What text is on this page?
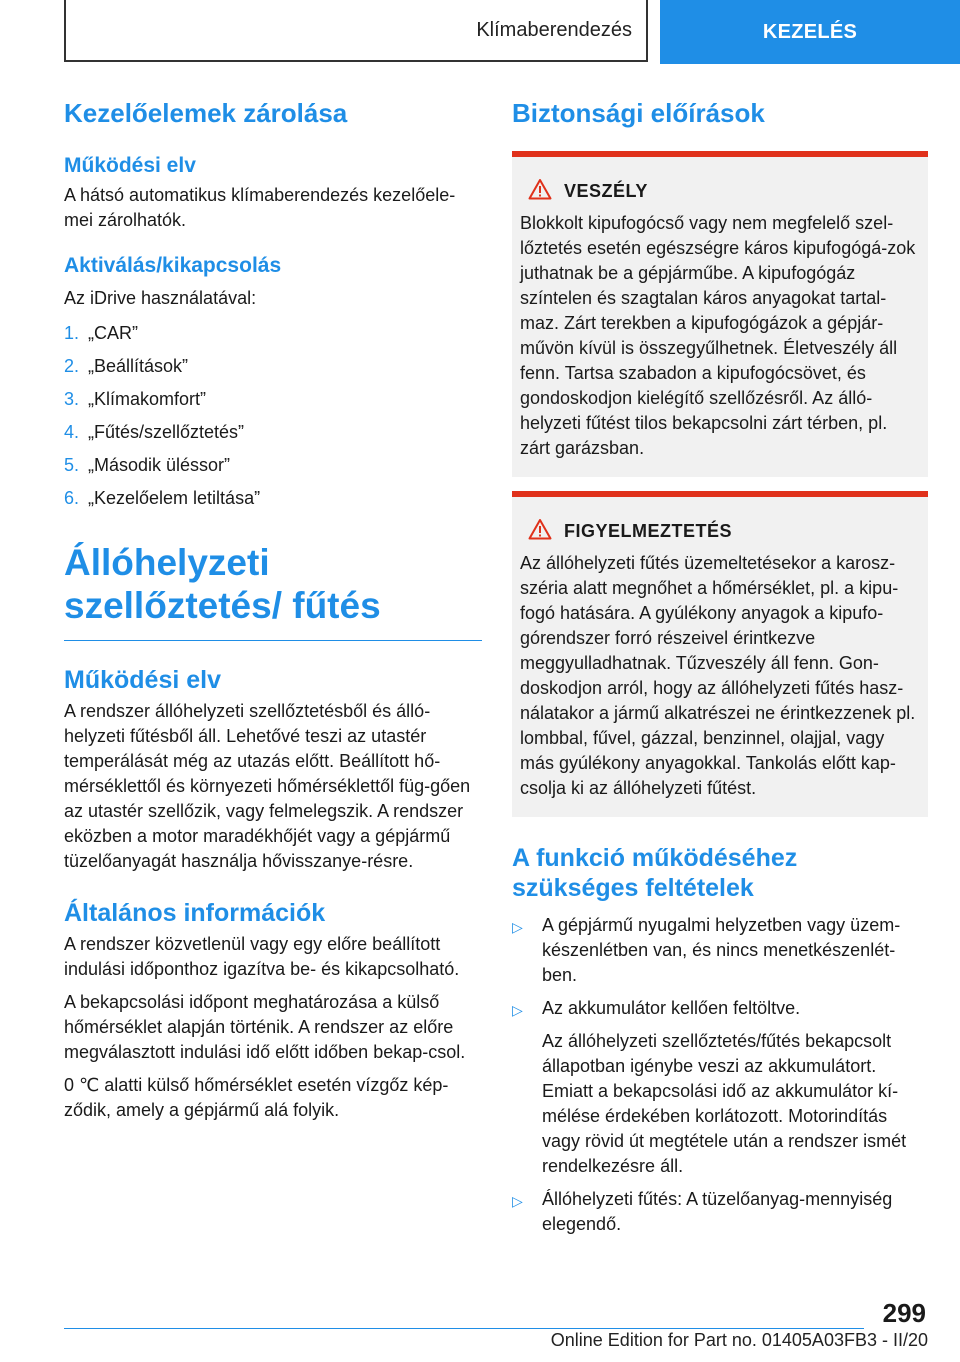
Klímaberendezés	KEZELÉS
Kezelőelemek zárolása
Működési elv

A hátsó automatikus klímaberendezés kezelőele-mei zárolhatók.

Aktiválás/kikapcsolás

Az iDrive használatával:

1. „CAR”
2. „Beállítások”
3. „Klímakomfort”
4. „Fűtés/szellőztetés”
5. „Második üléssor”
6. „Kezelőelem letiltása”
Állóhelyzeti szellőztetés/ fűtés
Működési elv

A rendszer állóhelyzeti szellőztetésből és álló-helyzeti fűtésből áll. Lehetővé teszi az utastér temperálását még az utazás előtt. Beállított hő-mérséklettől és környezeti hőmérséklettől füg-gően az utastér szellőzik, vagy felmelegszik. A rendszer eközben a motor maradékhőjét vagy a gépjármű tüzelőanyagát használja hővisszanye-résre.

Általános információk

A rendszer közvetlenül vagy egy előre beállított indulási időponthoz igazítva be- és kikapcsolható.

A bekapcsolási időpont meghatározása a külső hőmérséklet alapján történik. A rendszer az előre megválasztott indulási idő előtt időben bekap-csol.

0 ℃ alatti külső hőmérséklet esetén vízgőz kép-ződik, amely a gépjármű alá folyik.

Biztonsági előírások
VESZÉLY

Blokkolt kipufogócső vagy nem megfelelő szel-lőztetés esetén egészségre káros kipufogógá-zok juthatnak be a gépjárműbe. A kipufogógáz színtelen és szagtalan káros anyagokat tartal-maz. Zárt terekben a kipufogógázok a gépjár-művön kívül is összegyűlhetnek. Életveszély áll fenn. Tartsa szabadon a kipufogócsövet, és gondoskodjon kielégítő szellőzésről. Az álló-helyzeti fűtést tilos bekapcsolni zárt térben, pl. zárt garázsban.

FIGYELMEZTETÉS

Az állóhelyzeti fűtés üzemeltetésekor a karosz-széria alatt megnőhet a hőmérséklet, pl. a kipu-fogó hatására. A gyúlékony anyagok a kipufo-górendszer forró részeivel érintkezve meggyulladhatnak. Tűzveszély áll fenn. Gon-doskodjon arról, hogy az állóhelyzeti fűtés hasz-nálatakor a jármű alkatrészei ne érintkezzenek pl. lombbal, fűvel, gázzal, benzinnel, olajjal, vagy más gyúlékony anyagokkal. Tankolás előtt kap-csolja ki az állóhelyzeti fűtést.

A funkció működéséhez szükséges feltételek
▷	A gépjármű nyugalmi helyzetben vagy üzem-készenlétben van, és nincs menetkészenlét-ben.
▷	Az akkumulátor kellően feltöltve.
Az állóhelyzeti szellőztetés/fűtés bekapcsolt állapotban igénybe veszi az akkumulátort. Emiatt a bekapcsolási idő az akkumulátor kí-mélése érdekében korlátozott. Motorindítás vagy rövid út megtétele után a rendszer ismét rendelkezésre áll.
▷	Állóhelyzeti fűtés: A tüzelőanyag-mennyiség elegendő.
299
Online Edition for Part no. 01405A03FB3 - II/20
